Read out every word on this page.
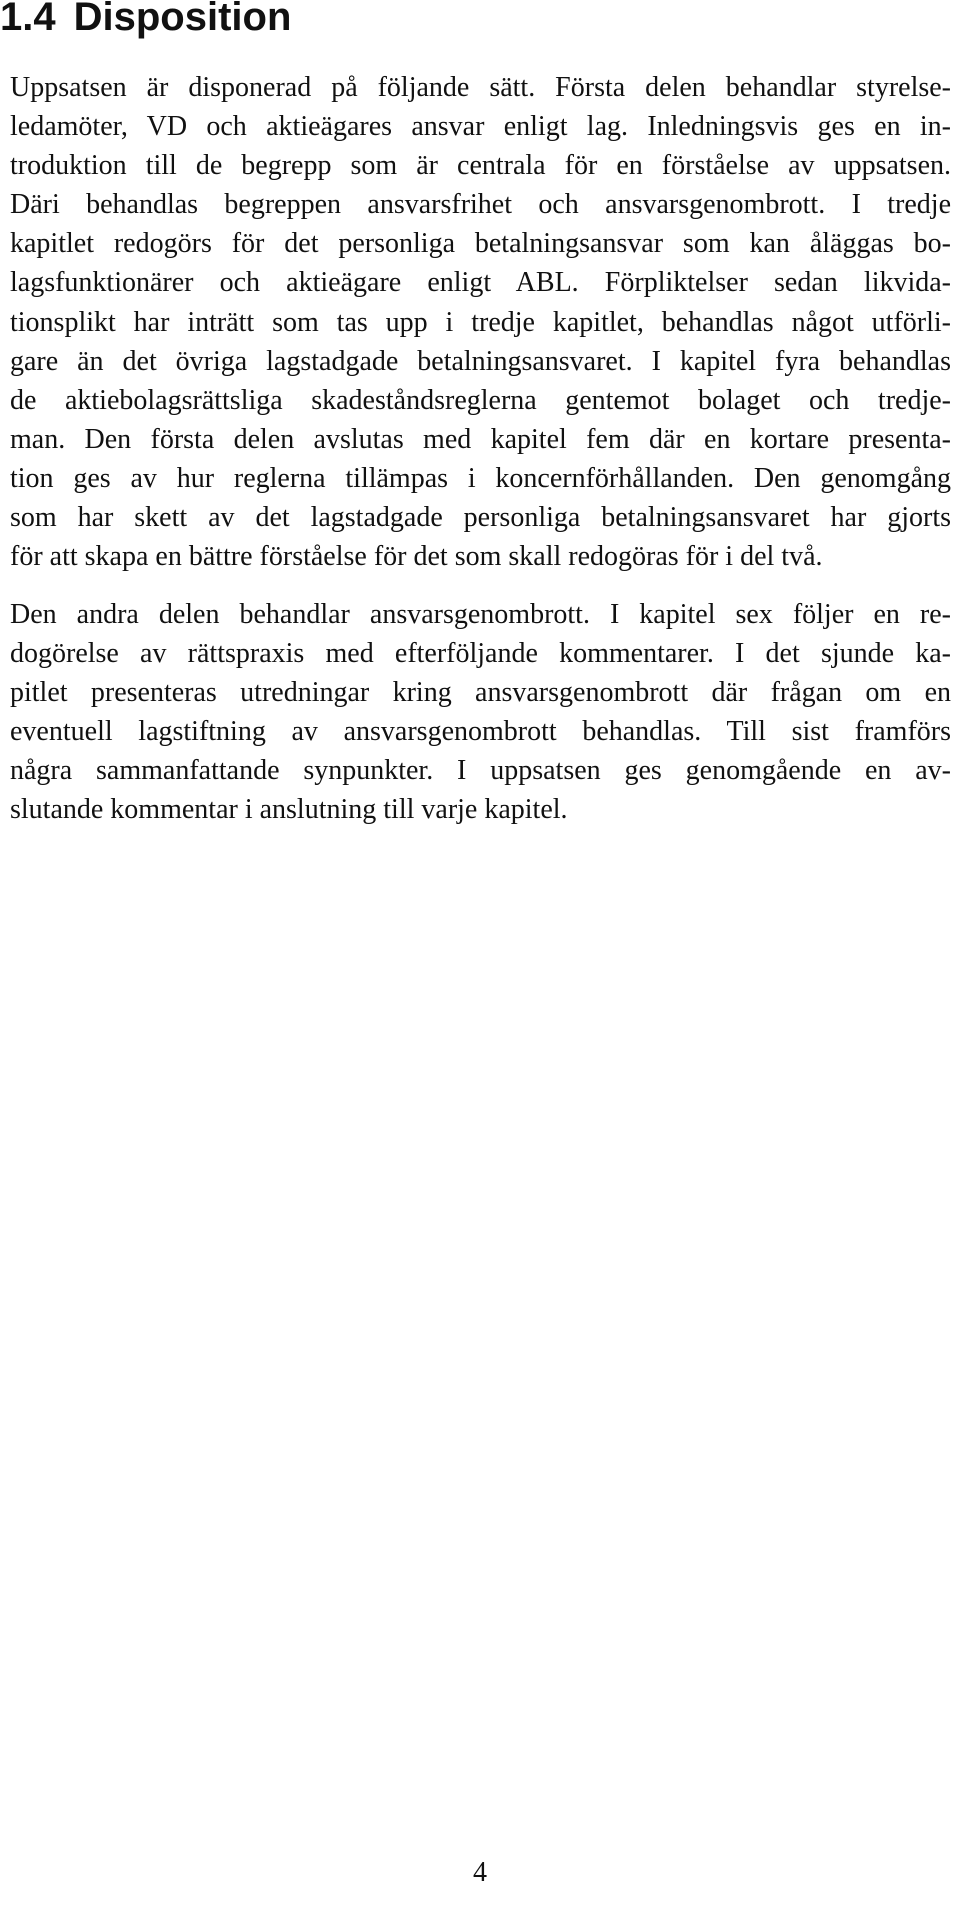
1.4 Disposition

Uppsatsen är disponerad på följande sätt. Första delen behandlar styrelse-
ledamöter, VD och aktieägares ansvar enligt lag. Inledningsvis ges en in-
troduktion till de begrepp som är centrala för en förståelse av uppsatsen.
Däri behandlas begreppen ansvarsfrihet och ansvarsgenombrott. I tredje
kapitlet redogörs för det personliga betalningsansvar som kan åläggas bo-
lagsfunktionärer och aktieägare enligt ABL. Förpliktelser sedan likvida-
tionsplikt har inträtt som tas upp i tredje kapitlet, behandlas något utförli-
gare än det övriga lagstadgade betalningsansvaret. I kapitel fyra behandlas
de aktiebolagsrättsliga skadeståndsreglerna gentemot bolaget och tredje-
man. Den första delen avslutas med kapitel fem där en kortare presenta-
tion ges av hur reglerna tillämpas i koncernförhållanden. Den genomgång
som har skett av det lagstadgade personliga betalningsansvaret har gjorts
för att skapa en bättre förståelse för det som skall redogöras för i del två.

Den andra delen behandlar ansvarsgenombrott. I kapitel sex följer en re-
dogörelse av rättspraxis med efterföljande kommentarer. I det sjunde ka-
pitlet presenteras utredningar kring ansvarsgenombrott där frågan om en
eventuell lagstiftning av ansvarsgenombrott behandlas. Till sist framförs
några sammanfattande synpunkter. I uppsatsen ges genomgående en av-
slutande kommentar i anslutning till varje kapitel.

4
